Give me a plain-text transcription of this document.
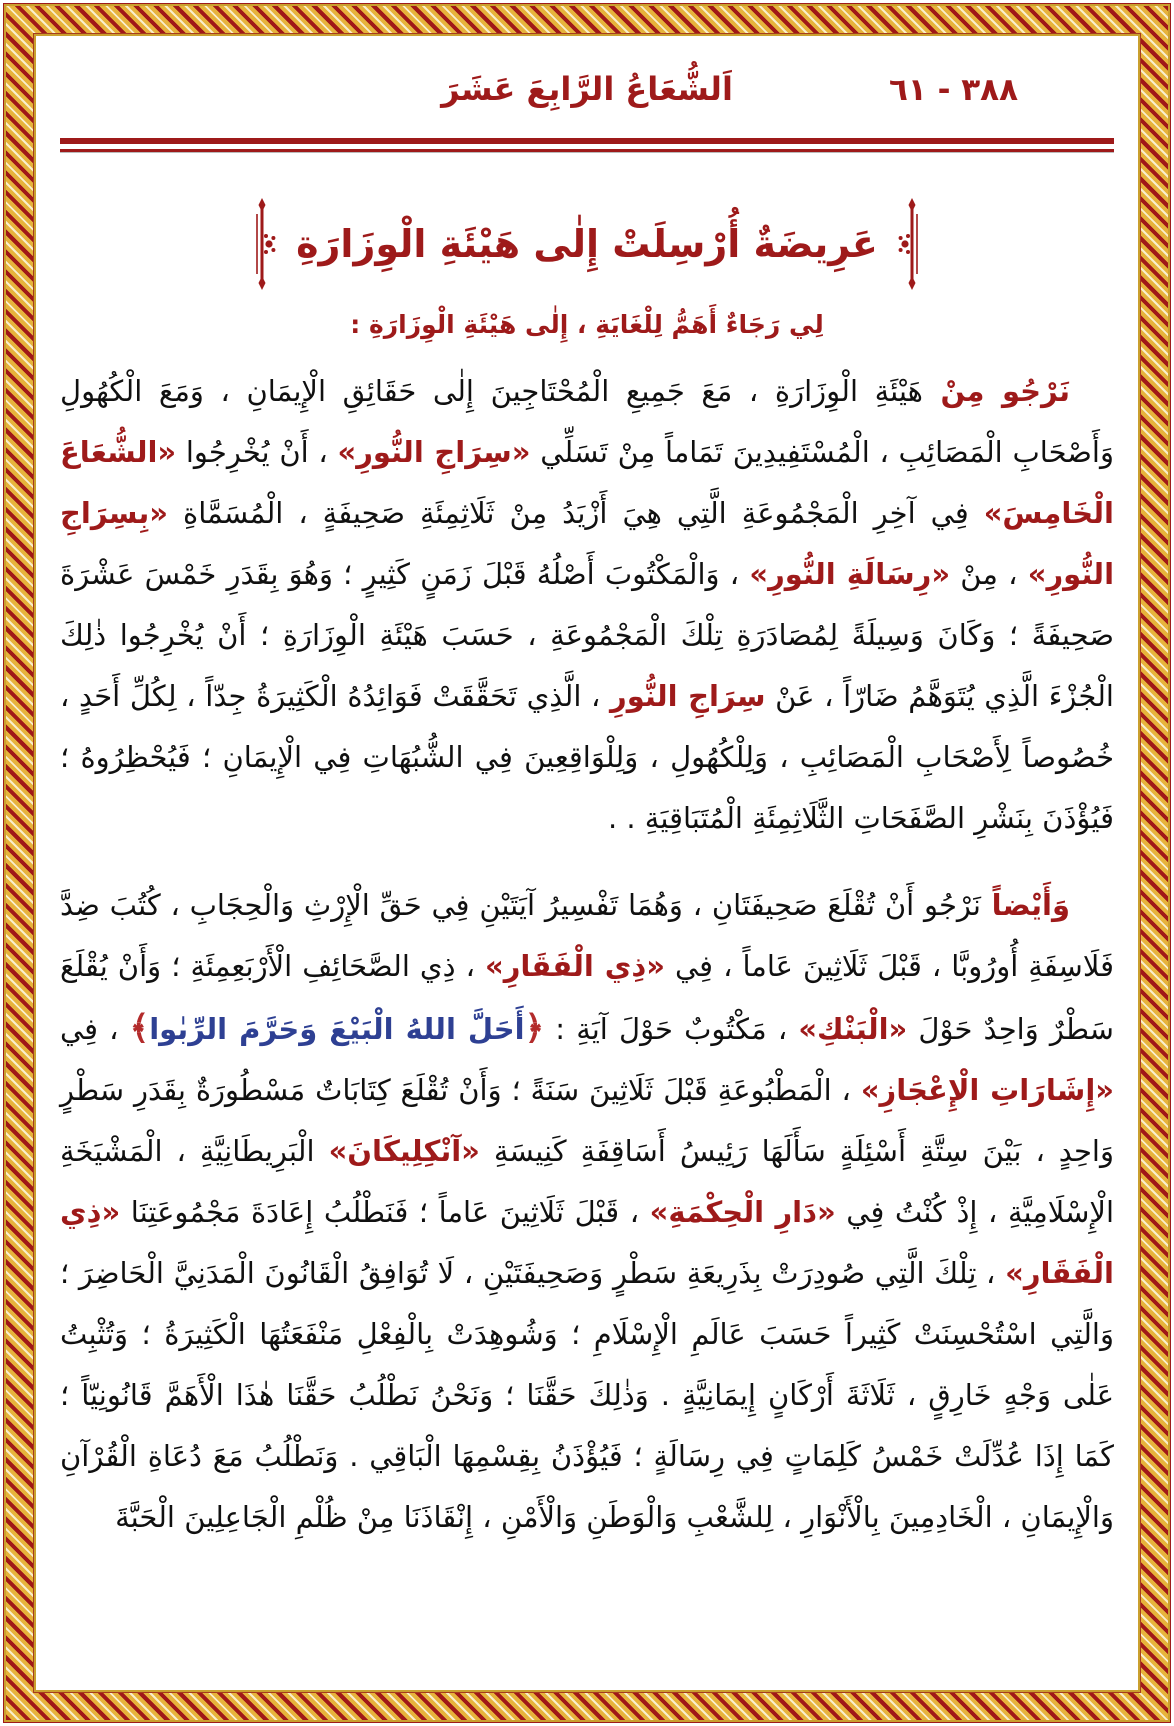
٣٨٨ - ٦١
اَلشُّعَاعُ الرَّابِعَ عَشَرَ
عَرِيضَةٌ أُرْسِلَتْ إِلٰى هَيْئَةِ الْوِزَارَةِ
لِي رَجَاءٌ أَهَمُّ لِلْغَايَةِ ، إِلٰى هَيْئَةِ الْوِزَارَةِ :

نَرْجُو مِنْ هَيْئَةِ الْوِزَارَةِ ، مَعَ جَمِيعِ الْمُحْتَاجِينَ إِلٰى حَقَائِقِ الْإِيمَانِ ، وَمَعَ الْكُهُولِ وَأَصْحَابِ الْمَصَائِبِ ، الْمُسْتَفِيدِينَ تَمَاماً مِنْ تَسَلِّي «سِرَاجِ النُّورِ» ، أَنْ يُخْرِجُوا «الشُّعَاعَ الْخَامِسَ» فِي آخِرِ الْمَجْمُوعَةِ الَّتِي هِيَ أَزْيَدُ مِنْ ثَلَاثِمِئَةِ صَحِيفَةٍ ، الْمُسَمَّاةِ «بِسِرَاجِ النُّورِ» ، مِنْ «رِسَالَةِ النُّورِ» ، وَالْمَكْتُوبَ أَصْلُهُ قَبْلَ زَمَنٍ كَثِيرٍ ؛ وَهُوَ بِقَدَرِ خَمْسَ عَشْرَةَ صَحِيفَةً ؛ وَكَانَ وَسِيلَةً لِمُصَادَرَةِ تِلْكَ الْمَجْمُوعَةِ ، حَسَبَ هَيْئَةِ الْوِزَارَةِ ؛ أَنْ يُخْرِجُوا ذٰلِكَ الْجُزْءَ الَّذِي يُتَوَهَّمُ ضَارّاً ، عَنْ سِرَاجِ النُّورِ ، الَّذِي تَحَقَّقَتْ فَوَائِدُهُ الْكَثِيرَةُ جِدّاً ، لِكُلِّ أَحَدٍ ، خُصُوصاً لِأَصْحَابِ الْمَصَائِبِ ، وَلِلْكُهُولِ ، وَلِلْوَاقِعِينَ فِي الشُّبُهَاتِ فِي الْإِيمَانِ ؛ فَيُحْظِرُوهُ ؛ فَيُؤْذَنَ بِنَشْرِ الصَّفَحَاتِ الثَّلَاثِمِئَةِ الْمُتَبَاقِيَةِ . .

وَأَيْضاً نَرْجُو أَنْ تُقْلَعَ صَحِيفَتَانِ ، وَهُمَا تَفْسِيرُ آيَتَيْنِ فِي حَقِّ الْإِرْثِ وَالْحِجَابِ ، كُتُبَ ضِدَّ فَلَاسِفَةِ أُورُوبَّا ، قَبْلَ ثَلَاثِينَ عَاماً ، فِي «ذِي الْفَقَارِ» ، ذِي الصَّحَائِفِ الْأَرْبَعِمِئَةِ ؛ وَأَنْ يُقْلَعَ سَطْرٌ وَاحِدٌ حَوْلَ «الْبَنْكِ» ، مَكْتُوبٌ حَوْلَ آيَةِ : ﴿أَحَلَّ اللهُ الْبَيْعَ وَحَرَّمَ الرِّبٰوا﴾ ، فِي «إِشَارَاتِ الْإِعْجَازِ» ، الْمَطْبُوعَةِ قَبْلَ ثَلَاثِينَ سَنَةً ؛ وَأَنْ تُقْلَعَ كِتَابَاتٌ مَسْطُورَةٌ بِقَدَرِ سَطْرٍ وَاحِدٍ ، بَيْنَ سِتَّةِ أَسْئِلَةٍ سَأَلَهَا رَئِيسُ أَسَاقِفَةِ كَنِيسَةِ «آنْكِلِيكَانَ» الْبَرِيطَانِيَّةِ ، الْمَشْيَخَةِ الْإِسْلَامِيَّةِ ، إِذْ كُنْتُ فِي «دَارِ الْحِكْمَةِ» ، قَبْلَ ثَلَاثِينَ عَاماً ؛ فَنَطْلُبُ إِعَادَةَ مَجْمُوعَتِنَا «ذِي الْفَقَارِ» ، تِلْكَ الَّتِي صُودِرَتْ بِذَرِيعَةِ سَطْرٍ وَصَحِيفَتَيْنِ ، لَا تُوَافِقُ الْقَانُونَ الْمَدَنِيَّ الْحَاضِرَ ؛ وَالَّتِي اسْتُحْسِنَتْ كَثِيراً حَسَبَ عَالَمِ الْإِسْلَامِ ؛ وَشُوهِدَتْ بِالْفِعْلِ مَنْفَعَتُهَا الْكَثِيرَةُ ؛ وَتُثْبِتُ عَلٰى وَجْهٍ خَارِقٍ ، ثَلَاثَةَ أَرْكَانٍ إِيمَانِيَّةٍ . وَذٰلِكَ حَقَّنَا ؛ وَنَحْنُ نَطْلُبُ حَقَّنَا هٰذَا الْأَهَمَّ قَانُونِيّاً ؛ كَمَا إِذَا عُدِّلَتْ خَمْسُ كَلِمَاتٍ فِي رِسَالَةٍ ؛ فَيُؤْذَنُ بِقِسْمِهَا الْبَاقِي . وَنَطْلُبُ مَعَ دُعَاةِ الْقُرْآنِ وَالْإِيمَانِ ، الْخَادِمِينَ بِالْأَنْوَارِ ، لِلشَّعْبِ وَالْوَطَنِ وَالْأَمْنِ ، إِنْقَاذَنَا مِنْ ظُلْمِ الْجَاعِلِينَ الْحَبَّةَ
